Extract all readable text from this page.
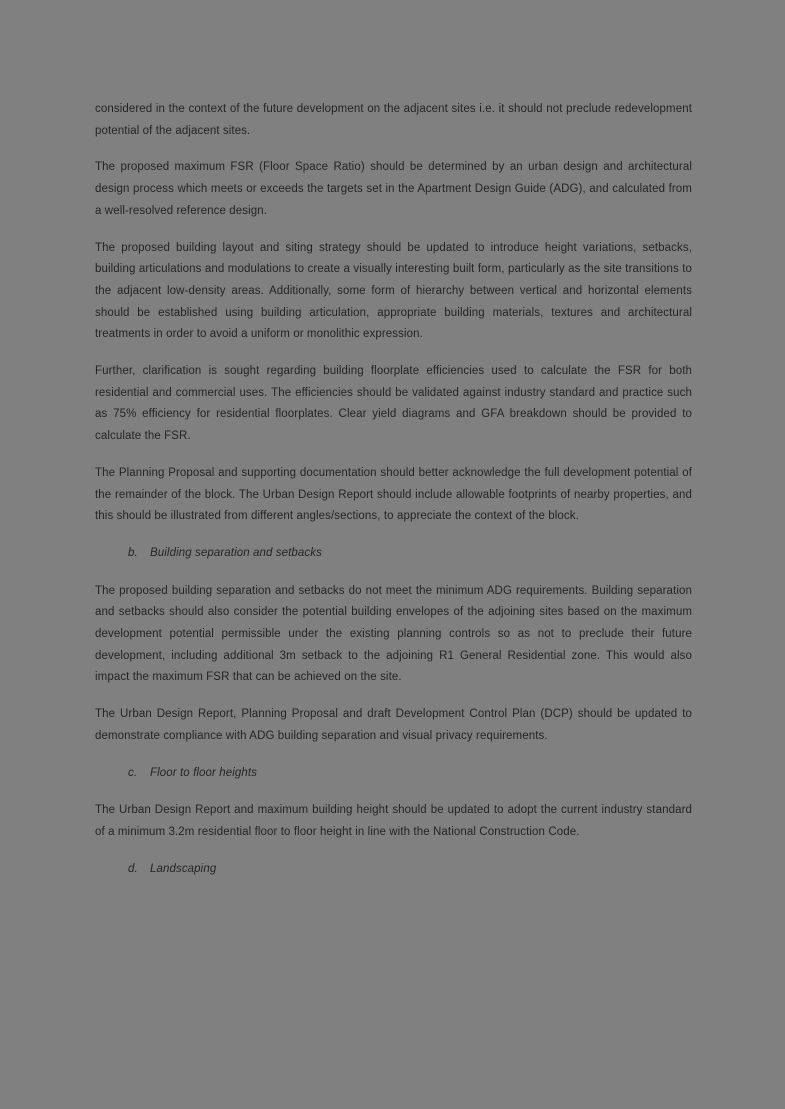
considered in the context of the future development on the adjacent sites i.e. it should not preclude redevelopment potential of the adjacent sites.

The proposed maximum FSR (Floor Space Ratio) should be determined by an urban design and architectural design process which meets or exceeds the targets set in the Apartment Design Guide (ADG), and calculated from a well-resolved reference design.

The proposed building layout and siting strategy should be updated to introduce height variations, setbacks, building articulations and modulations to create a visually interesting built form, particularly as the site transitions to the adjacent low-density areas. Additionally, some form of hierarchy between vertical and horizontal elements should be established using building articulation, appropriate building materials, textures and architectural treatments in order to avoid a uniform or monolithic expression.

Further, clarification is sought regarding building floorplate efficiencies used to calculate the FSR for both residential and commercial uses. The efficiencies should be validated against industry standard and practice such as 75% efficiency for residential floorplates. Clear yield diagrams and GFA breakdown should be provided to calculate the FSR.

The Planning Proposal and supporting documentation should better acknowledge the full development potential of the remainder of the block. The Urban Design Report should include allowable footprints of nearby properties, and this should be illustrated from different angles/sections, to appreciate the context of the block.

b.	Building separation and setbacks

The proposed building separation and setbacks do not meet the minimum ADG requirements. Building separation and setbacks should also consider the potential building envelopes of the adjoining sites based on the maximum development potential permissible under the existing planning controls so as not to preclude their future development, including additional 3m setback to the adjoining R1 General Residential zone. This would also impact the maximum FSR that can be achieved on the site.

The Urban Design Report, Planning Proposal and draft Development Control Plan (DCP) should be updated to demonstrate compliance with ADG building separation and visual privacy requirements.

c.	Floor to floor heights

The Urban Design Report and maximum building height should be updated to adopt the current industry standard of a minimum 3.2m residential floor to floor height in line with the National Construction Code.

d.	Landscaping
